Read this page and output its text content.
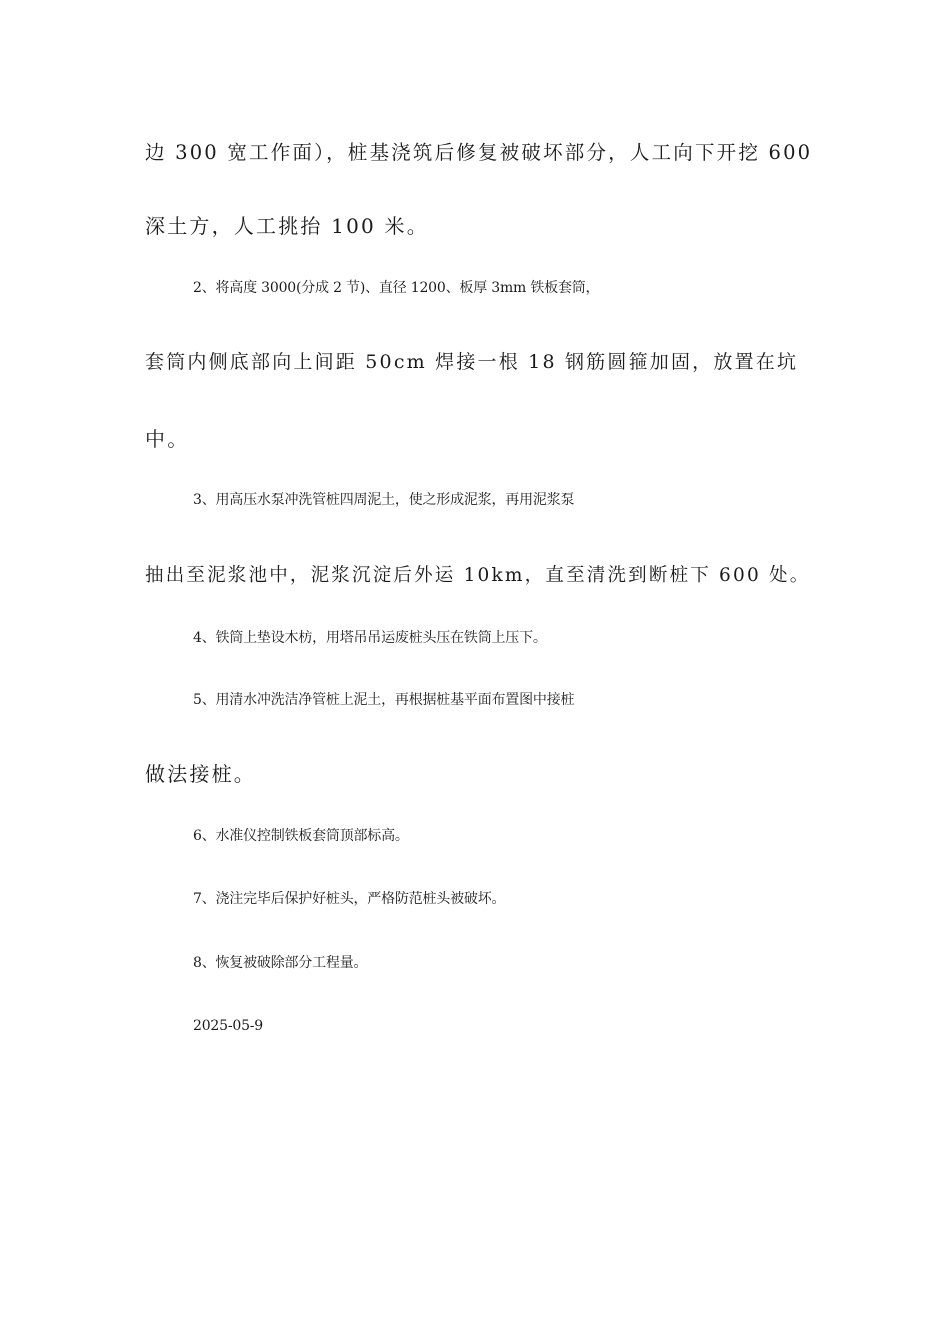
边 300 宽工作面），桩基浇筑后修复被破坏部分，人工向下开挖 600
深土方，人工挑抬 100 米。
2、将高度 3000(分成 2 节)、直径 1200、板厚 3mm 铁板套筒，
套筒内侧底部向上间距 50cm 焊接一根 18 钢筋圆箍加固，放置在坑
中。
3、用高压水泵冲洗管桩四周泥土，使之形成泥浆，再用泥浆泵
抽出至泥浆池中，泥浆沉淀后外运 10km，直至清洗到断桩下 600 处。
4、铁筒上垫设木枋，用塔吊吊运废桩头压在铁筒上压下。
5、用清水冲洗洁净管桩上泥土，再根据桩基平面布置图中接桩
做法接桩。
6、水准仪控制铁板套筒顶部标高。
7、浇注完毕后保护好桩头，严格防范桩头被破坏。
8、恢复被破除部分工程量。
2025-05-9
